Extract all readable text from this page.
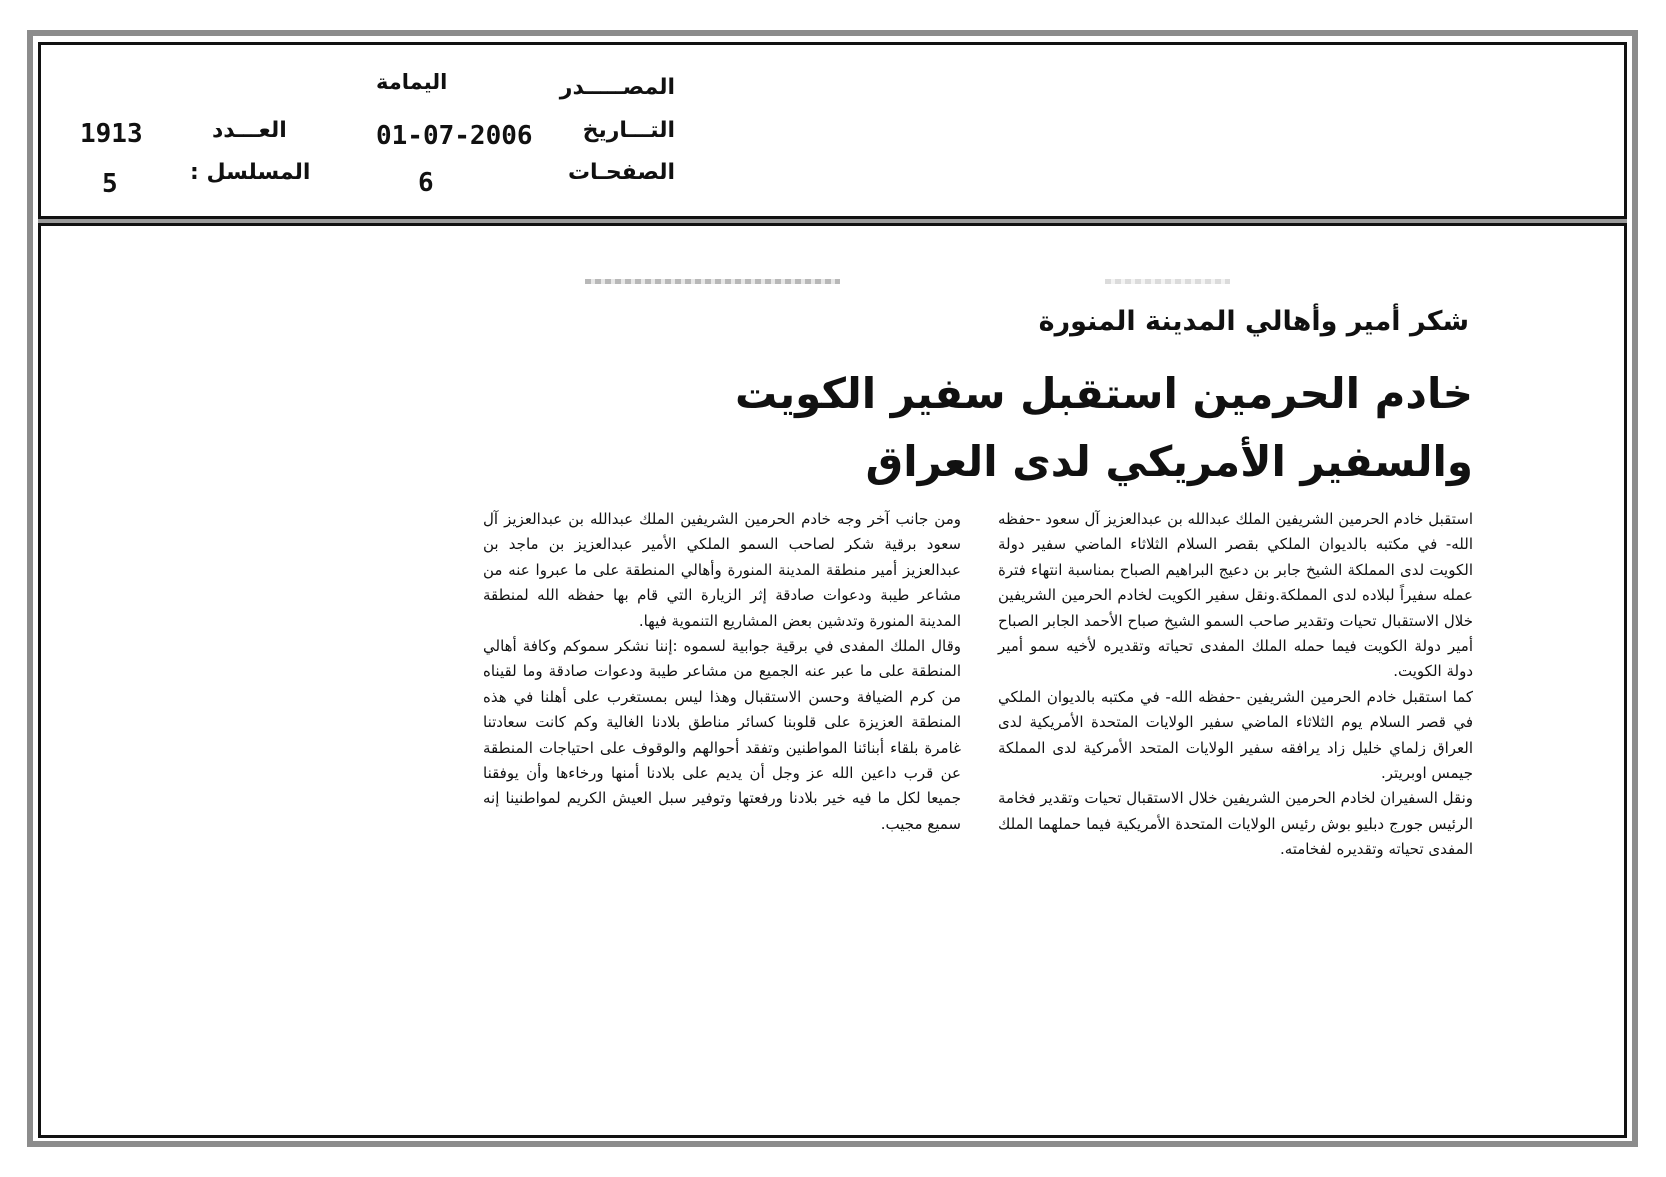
المصـــــدر
اليمامة
التـــاريخ
01-07-2006
الصفحـات
6
العـــدد
1913
المسلسل :
5
شكر أمير وأهالي المدينة المنورة
خادم الحرمين استقبل سفير الكويت
والسفير الأمريكي لدى العراق

استقبل خادم الحرمين الشريفين الملك عبدالله بن عبدالعزيز آل سعود -حفظه الله- في مكتبه بالديوان الملكي بقصر السلام الثلاثاء الماضي سفير دولة الكويت لدى المملكة الشيخ جابر بن دعيج البراهيم الصباح بمناسبة انتهاء فترة عمله سفيراً لبلاده لدى المملكة.ونقل سفير الكويت لخادم الحرمين الشريفين خلال الاستقبال تحيات وتقدير صاحب السمو الشيخ صباح الأحمد الجابر الصباح أمير دولة الكويت فيما حمله الملك المفدى تحياته وتقديره لأخيه سمو أمير دولة الكويت.

كما استقبل خادم الحرمين الشريفين -حفظه الله- في مكتبه بالديوان الملكي في قصر السلام يوم الثلاثاء الماضي سفير الولايات المتحدة الأمريكية لدى العراق زلماي خليل زاد يرافقه سفير الولايات المتحد الأمركية لدى المملكة جيمس اوبريتر.

ونقل السفيران لخادم الحرمين الشريفين خلال الاستقبال تحيات وتقدير فخامة الرئيس جورج دبليو بوش رئيس الولايات المتحدة الأمريكية فيما حملهما الملك المفدى تحياته وتقديره لفخامته.

ومن جانب آخر وجه خادم الحرمين الشريفين الملك عبدالله بن عبدالعزيز آل سعود برقية شكر لصاحب السمو الملكي الأمير عبدالعزيز بن ماجد بن عبدالعزيز أمير منطقة المدينة المنورة وأهالي المنطقة على ما عبروا عنه من مشاعر طيبة ودعوات صادقة إثر الزيارة التي قام بها حفظه الله لمنطقة المدينة المنورة وتدشين بعض المشاريع التنموية فيها.

وقال الملك المفدى في برقية جوابية لسموه :إننا نشكر سموكم وكافة أهالي المنطقة على ما عبر عنه الجميع من مشاعر طيبة ودعوات صادقة وما لقيناه من كرم الضيافة وحسن الاستقبال وهذا ليس بمستغرب على أهلنا في هذه المنطقة العزيزة على قلوبنا كسائر مناطق بلادنا الغالية وكم كانت سعادتنا غامرة بلقاء أبنائنا المواطنين وتفقد أحوالهم والوقوف على احتياجات المنطقة عن قرب داعين الله عز وجل أن يديم على بلادنا أمنها ورخاءها وأن يوفقنا جميعا لكل ما فيه خير بلادنا ورفعتها وتوفير سبل العيش الكريم لمواطنينا إنه سميع مجيب.
